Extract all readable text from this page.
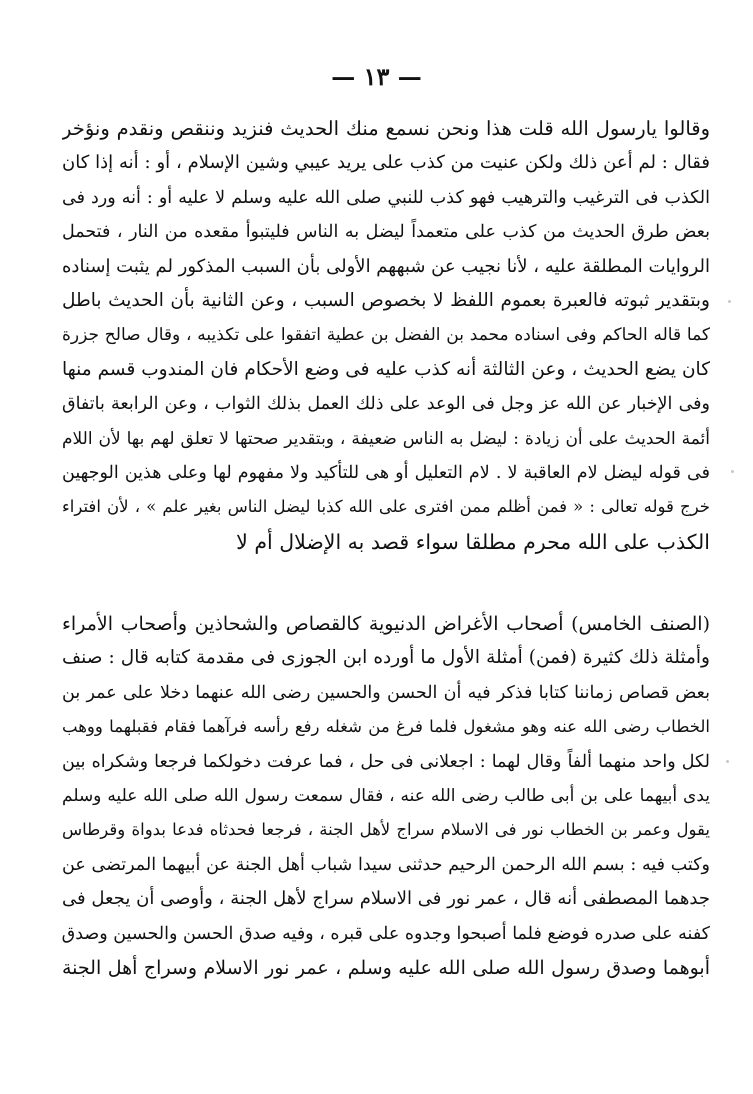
— ١٣ —
وقالوا يارسول الله قلت هذا ونحن نسمع منك الحديث فنزيد وننقص ونقدم ونؤخر
فقال : لم أعن ذلك ولكن عنيت من كذب على يريد عيبي وشين الإسلام ، أو : أنه إذا كان
الكذب فى الترغيب والترهيب فهو كذب للنبي صلى الله عليه وسلم لا عليه أو : أنه ورد فى
بعض طرق الحديث من كذب على متعمداً ليضل به الناس فليتبوأ مقعده من النار ، فتحمل
الروايات المطلقة عليه ، لأنا نجيب عن شبههم الأولى بأن السبب المذكور لم يثبت إسناده
وبتقدير ثبوته فالعبرة بعموم اللفظ لا بخصوص السبب ، وعن الثانية بأن الحديث باطل
كما قاله الحاكم وفى اسناده محمد بن الفضل بن عطية اتفقوا على تكذيبه ، وقال صالح جزرة
كان يضع الحديث ، وعن الثالثة أنه كذب عليه فى وضع الأحكام فان المندوب قسم منها
وفى الإخبار عن الله عز وجل فى الوعد على ذلك العمل بذلك الثواب ، وعن الرابعة باتفاق
أئمة الحديث على أن زيادة : ليضل به الناس ضعيفة ، وبتقدير صحتها لا تعلق لهم بها لأن اللام
فى قوله ليضل لام العاقبة لا . لام التعليل أو هى للتأكيد ولا مفهوم لها وعلى هذين الوجهين
خرج قوله تعالى : « فمن أظلم ممن افترى على الله كذبا ليضل الناس بغير علم » ، لأن افتراء
الكذب على الله محرم مطلقا سواء قصد به الإضلال أم لا
(الصنف الخامس) أصحاب الأغراض الدنيوية كالقصاص والشحاذين وأصحاب الأمراء
وأمثلة ذلك كثيرة (فمن) أمثلة الأول ما أورده ابن الجوزى فى مقدمة كتابه قال : صنف
بعض قصاص زماننا كتابا فذكر فيه أن الحسن والحسين رضى الله عنهما دخلا على عمر بن
الخطاب رضى الله عنه وهو مشغول فلما فرغ من شغله رفع رأسه فرآهما فقام فقبلهما ووهب
لكل واحد منهما ألفاً وقال لهما : اجعلانى فى حل ، فما عرفت دخولكما فرجعا وشكراه بين
يدى أبيهما على بن أبى طالب رضى الله عنه ، فقال سمعت رسول الله صلى الله عليه وسلم
يقول وعمر بن الخطاب نور فى الاسلام سراج لأهل الجنة ، فرجعا فحدثاه فدعا بدواة وقرطاس
وكتب فيه : بسم الله الرحمن الرحيم حدثنى سيدا شباب أهل الجنة عن أبيهما المرتضى عن
جدهما المصطفى أنه قال ، عمر نور فى الاسلام سراج لأهل الجنة ، وأوصى أن يجعل فى
كفنه على صدره فوضع فلما أصبحوا وجدوه على قبره ، وفيه صدق الحسن والحسين وصدق
أبوهما وصدق رسول الله صلى الله عليه وسلم ، عمر نور الاسلام وسراج أهل الجنة
